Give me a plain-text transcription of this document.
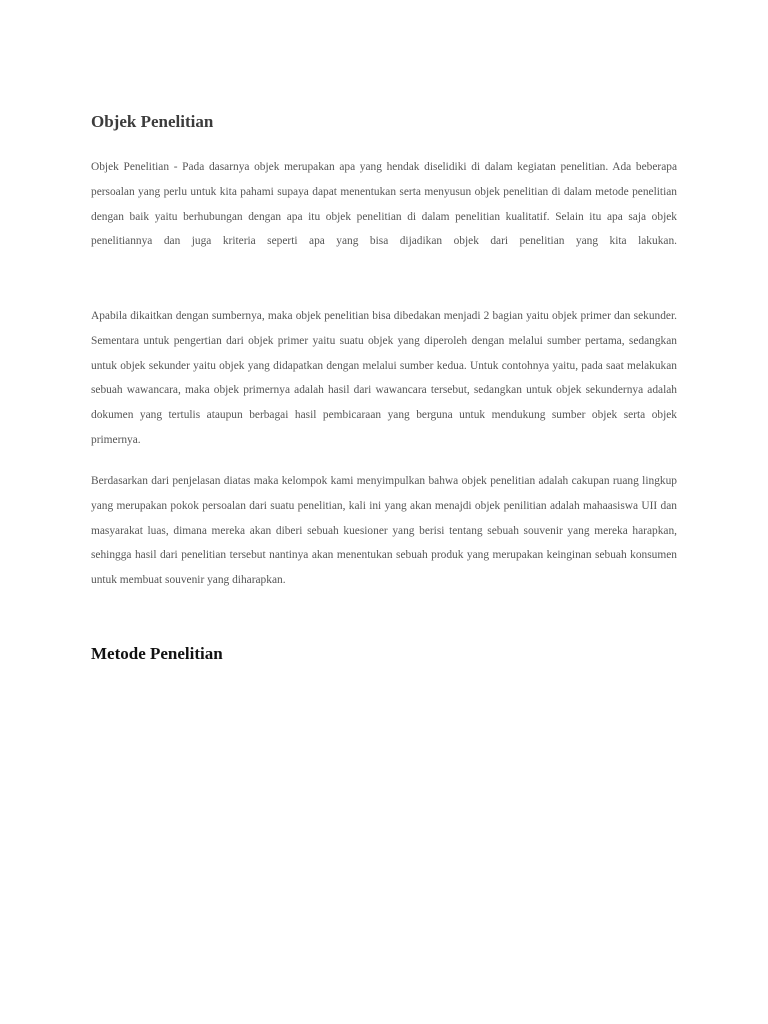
Objek Penelitian

Objek Penelitian - Pada dasarnya objek merupakan apa yang hendak diselidiki di dalam kegiatan penelitian. Ada beberapa persoalan yang perlu untuk kita pahami supaya dapat menentukan serta menyusun objek penelitian di dalam metode penelitian dengan baik yaitu berhubungan dengan apa itu objek penelitian di dalam penelitian kualitatif. Selain itu apa saja objek penelitiannya dan juga kriteria seperti apa yang bisa dijadikan objek dari penelitian yang kita lakukan.

Apabila dikaitkan dengan sumbernya, maka objek penelitian bisa dibedakan menjadi 2 bagian yaitu objek primer dan sekunder. Sementara untuk pengertian dari objek primer yaitu suatu objek yang diperoleh dengan melalui sumber pertama, sedangkan untuk objek sekunder yaitu objek yang didapatkan dengan melalui sumber kedua. Untuk contohnya yaitu, pada saat melakukan sebuah wawancara, maka objek primernya adalah hasil dari wawancara tersebut, sedangkan untuk objek sekundernya adalah dokumen yang tertulis ataupun berbagai hasil pembicaraan yang berguna untuk mendukung sumber objek serta objek primernya.

Berdasarkan dari penjelasan diatas maka kelompok kami menyimpulkan bahwa objek penelitian adalah cakupan ruang lingkup yang merupakan pokok persoalan dari suatu penelitian, kali ini yang akan menajdi objek penilitian adalah mahaasiswa UII dan masyarakat luas, dimana mereka akan diberi sebuah kuesioner yang berisi tentang sebuah souvenir yang mereka harapkan, sehingga hasil dari penelitian tersebut nantinya akan menentukan sebuah produk yang merupakan keinginan sebuah konsumen untuk membuat souvenir yang diharapkan.

Metode Penelitian
